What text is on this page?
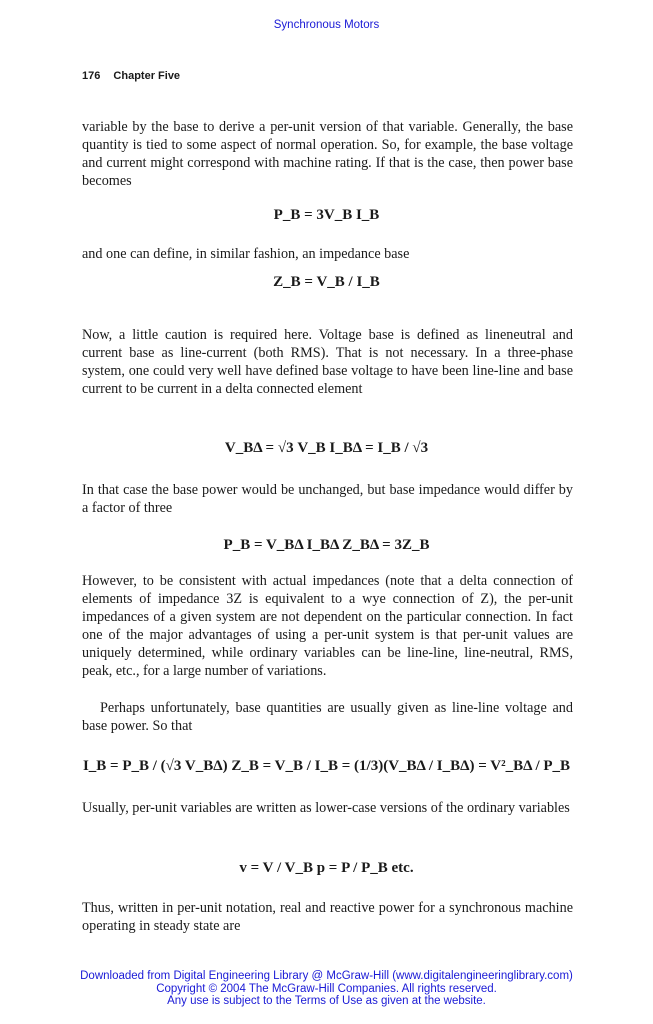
Synchronous Motors
176 Chapter Five
variable by the base to derive a per-unit version of that variable. Generally, the base quantity is tied to some aspect of normal operation. So, for example, the base voltage and current might correspond with machine rating. If that is the case, then power base becomes
P_B = 3V_B I_B
and one can define, in similar fashion, an impedance base
Z_B = V_B / I_B
Now, a little caution is required here. Voltage base is defined as lineneutral and current base as line-current (both RMS). That is not necessary. In a three-phase system, one could very well have defined base voltage to have been line-line and base current to be current in a delta connected element
V_BΔ = √3 V_B I_BΔ = I_B / √3
In that case the base power would be unchanged, but base impedance would differ by a factor of three
P_B = V_BΔ I_BΔ Z_BΔ = 3Z_B
However, to be consistent with actual impedances (note that a delta connection of elements of impedance 3Z is equivalent to a wye connection of Z), the per-unit impedances of a given system are not dependent on the particular connection. In fact one of the major advantages of using a per-unit system is that per-unit values are uniquely determined, while ordinary variables can be line-line, line-neutral, RMS, peak, etc., for a large number of variations.
Perhaps unfortunately, base quantities are usually given as line-line voltage and base power. So that
I_B = P_B / (√3 V_BΔ) Z_B = V_B / I_B = (1/3)(V_BΔ / I_BΔ) = V²_BΔ / P_B
Usually, per-unit variables are written as lower-case versions of the ordinary variables
v = V / V_B p = P / P_B etc.
Thus, written in per-unit notation, real and reactive power for a synchronous machine operating in steady state are
Downloaded from Digital Engineering Library @ McGraw-Hill (www.digitalengineeringlibrary.com)
Copyright © 2004 The McGraw-Hill Companies. All rights reserved.
Any use is subject to the Terms of Use as given at the website.
